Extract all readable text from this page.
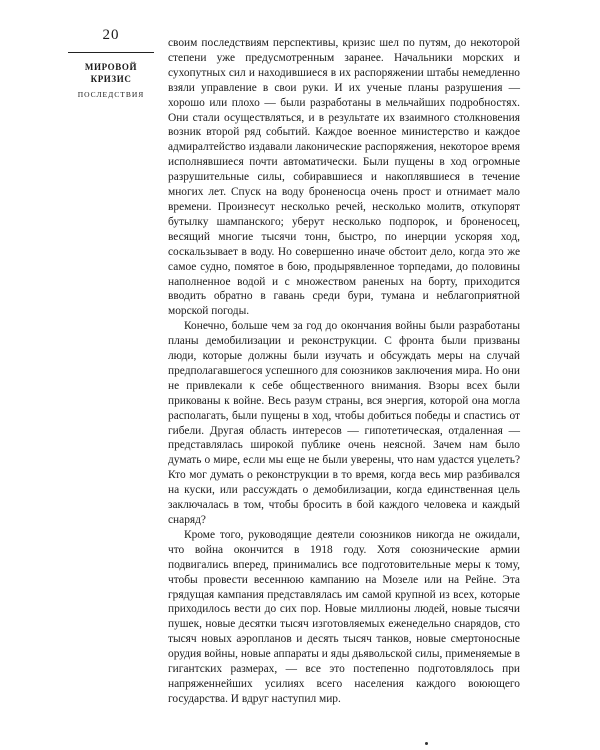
20
МИРОВОЙ КРИЗИС
ПОСЛЕДСТВИЯ

своим последствиям перспективы, кризис шел по путям, до некоторой степени уже предусмотренным заранее. Начальники морских и сухопутных сил и находившиеся в их распоряжении штабы немедленно взяли управление в свои руки. И их ученые планы разрушения — хорошо или плохо — были разработаны в мельчайших подробностях. Они стали осуществляться, и в результате их взаимного столкновения возник второй ряд событий. Каждое военное министерство и каждое адмиралтейство издавали лаконические распоряжения, некоторое время исполнявшиеся почти автоматически. Были пущены в ход огромные разрушительные силы, собиравшиеся и накоплявшиеся в течение многих лет. Спуск на воду броненосца очень прост и отнимает мало времени. Произнесут несколько речей, несколько молитв, откупорят бутылку шампанского; уберут несколько подпорок, и броненосец, весящий многие тысячи тонн, быстро, по инерции ускоряя ход, соскальзывает в воду. Но совершенно иначе обстоит дело, когда это же самое судно, помятое в бою, продырявленное торпедами, до половины наполненное водой и с множеством раненых на борту, приходится вводить обратно в гавань среди бури, тумана и неблагоприятной морской погоды.

Конечно, больше чем за год до окончания войны были разработаны планы демобилизации и реконструкции. С фронта были призваны люди, которые должны были изучать и обсуждать меры на случай предполагавшегося успешного для союзников заключения мира. Но они не привлекали к себе общественного внимания. Взоры всех были прикованы к войне. Весь разум страны, вся энергия, которой она могла располагать, были пущены в ход, чтобы добиться победы и спастись от гибели. Другая область интересов — гипотетическая, отдаленная — представлялась широкой публике очень неясной. Зачем нам было думать о мире, если мы еще не были уверены, что нам удастся уцелеть? Кто мог думать о реконструкции в то время, когда весь мир разбивался на куски, или рассуждать о демобилизации, когда единственная цель заключалась в том, чтобы бросить в бой каждого человека и каждый снаряд?

Кроме того, руководящие деятели союзников никогда не ожидали, что война окончится в 1918 году. Хотя союзнические армии подвигались вперед, принимались все подготовительные меры к тому, чтобы провести весеннюю кампанию на Мозеле или на Рейне. Эта грядущая кампания представлялась им самой крупной из всех, которые приходилось вести до сих пор. Новые миллионы людей, новые тысячи пушек, новые десятки тысяч изготовляемых еженедельно снарядов, сто тысяч новых аэропланов и десять тысяч танков, новые смертоносные орудия войны, новые аппараты и яды дьявольской силы, применяемые в гигантских размерах, — все это постепенно подготовлялось при напряженнейших усилиях всего населения каждого воюющего государства. И вдруг наступил мир.
